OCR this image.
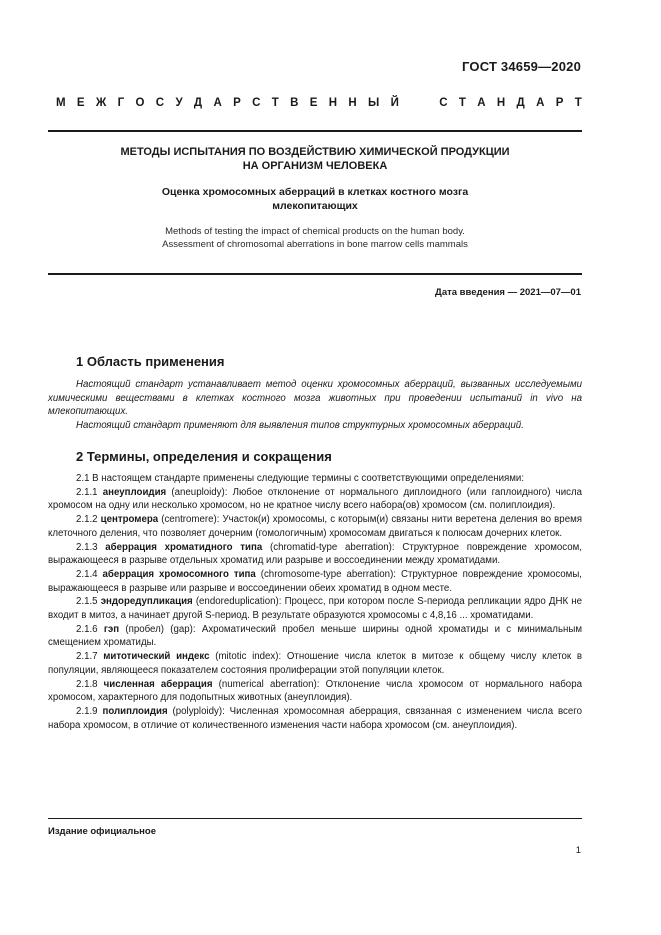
ГОСТ 34659—2020
М Е Ж Г О С У Д А Р С Т В Е Н Н Ы Й

	С Т А Н Д А Р Т
МЕТОДЫ ИСПЫТАНИЯ ПО ВОЗДЕЙСТВИЮ ХИМИЧЕСКОЙ ПРОДУКЦИИ
НА ОРГАНИЗМ ЧЕЛОВЕКА
Оценка хромосомных аберраций в клетках костного мозга
млекопитающих
Methods of testing the impact of chemical products on the human body.
Assessment of chromosomal aberrations in bone marrow cells mammals
Дата введения — 2021—07—01
1 Область применения

Настоящий стандарт устанавливает метод оценки хромосомных аберраций, вызванных исследуемыми химическими веществами в клетках костного мозга животных при проведении испытаний in vivo на млекопитающих.

Настоящий стандарт применяют для выявления типов структурных хромосомных аберраций.

2 Термины, определения и сокращения

2.1 В настоящем стандарте применены следующие термины с соответствующими определениями:

2.1.1 анеуплоидия (aneuploidy): Любое отклонение от нормального диплоидного (или гаплоидного) числа хромосом на одну или несколько хромосом, но не кратное числу всего набора(ов) хромосом (см. полиплоидия).

2.1.2 центромера (centromere): Участок(и) хромосомы, с которым(и) связаны нити веретена деления во время клеточного деления, что позволяет дочерним (гомологичным) хромосомам двигаться к полюсам дочерних клеток.

2.1.3 аберрация хроматидного типа (chromatid-type aberration): Структурное повреждение хромосом, выражающееся в разрыве отдельных хроматид или разрыве и воссоединении между хроматидами.

2.1.4 аберрация хромосомного типа (chromosome-type aberration): Структурное повреждение хромосомы, выражающееся в разрыве или разрыве и воссоединении обеих хроматид в одном месте.

2.1.5 эндоредупликация (endoreduplication): Процесс, при котором после S-периода репликации ядро ДНК не входит в митоз, а начинает другой S-период. В результате образуются хромосомы с 4,8,16 ... хроматидами.

2.1.6 гэп (пробел) (gap): Ахроматический пробел меньше ширины одной хроматиды и с минимальным смещением хроматиды.

2.1.7 митотический индекс (mitotic index): Отношение числа клеток в митозе к общему числу клеток в популяции, являющееся показателем состояния пролиферации этой популяции клеток.

2.1.8 численная аберрация (numerical aberration): Отклонение числа хромосом от нормального набора хромосом, характерного для подопытных животных (анеуплоидия).

2.1.9 полиплоидия (polyploidy): Численная хромосомная аберрация, связанная с изменением числа всего набора хромосом, в отличие от количественного изменения части набора хромосом (см. анеуплоидия).

Издание официальное
1
